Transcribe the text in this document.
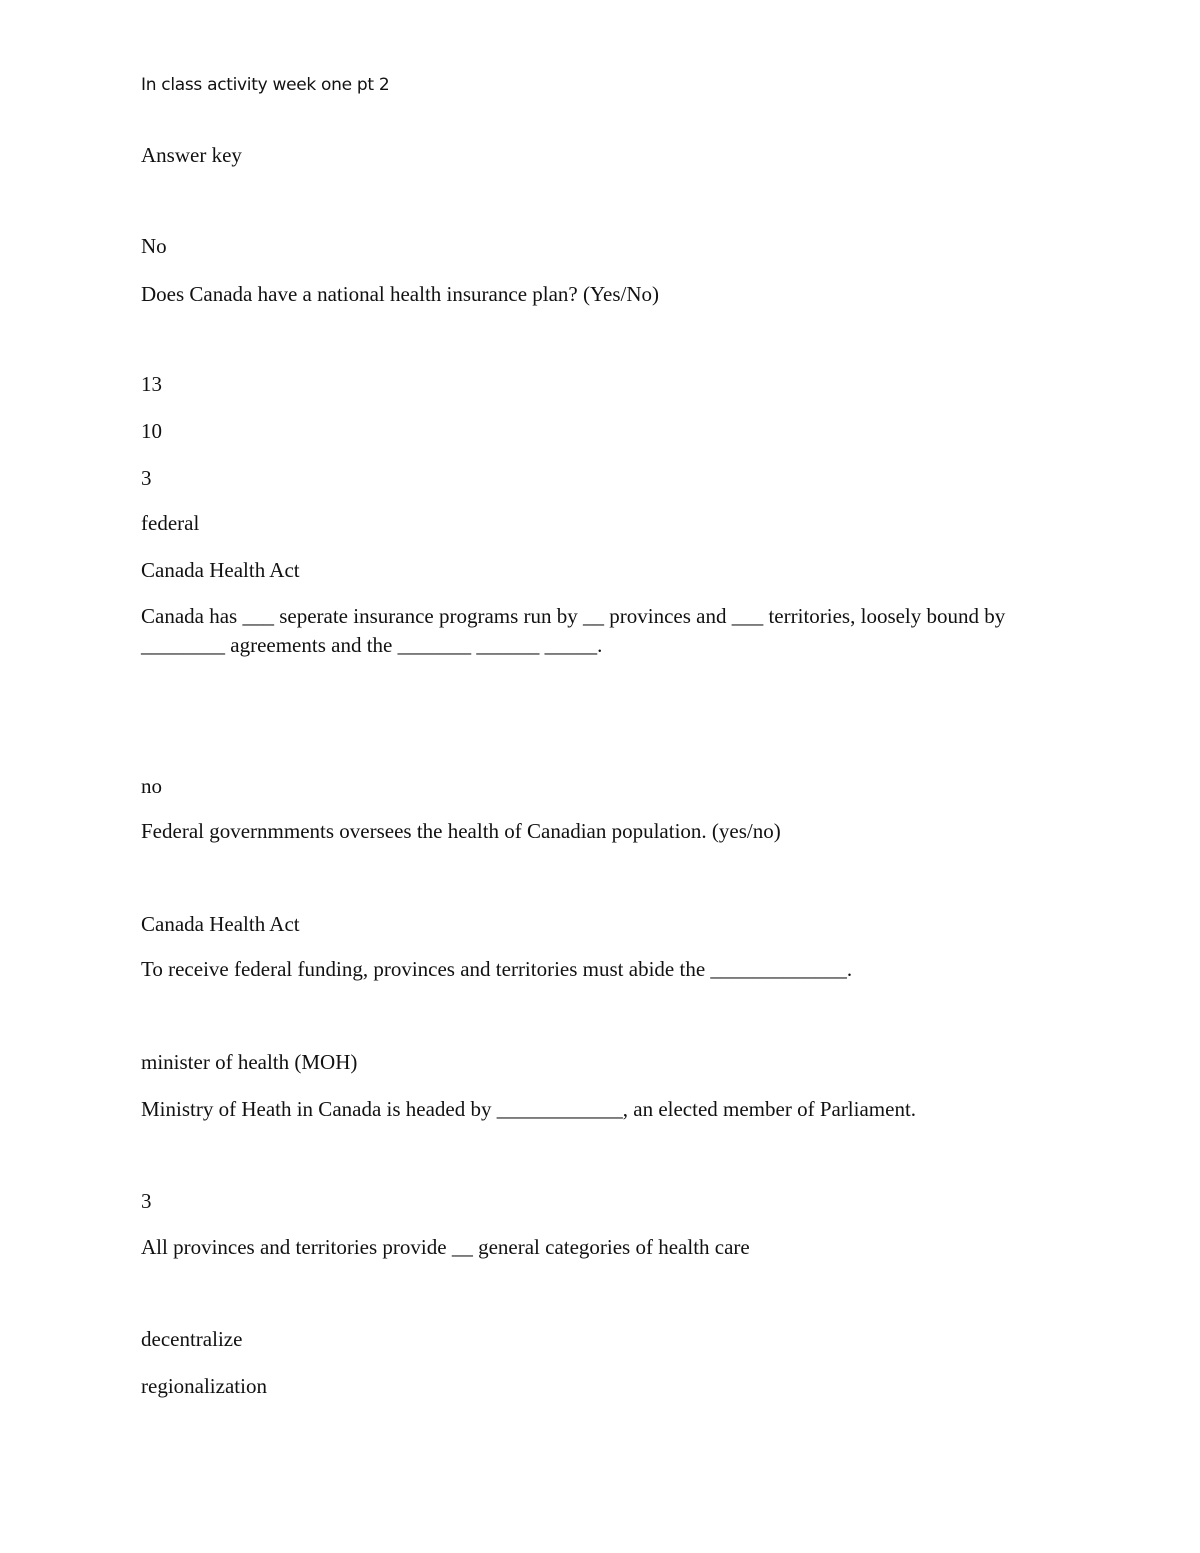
In class activity week one pt 2
Answer key
No
Does Canada have a national health insurance plan? (Yes/No)
13
10
3
federal
Canada Health Act
Canada has ___ seperate insurance programs run by __ provinces and ___ territories, loosely bound by ________ agreements and the _______ ______ _____.
no
Federal governmments oversees the health of Canadian population. (yes/no)
Canada Health Act
To receive federal funding, provinces and territories must abide the _____________.
minister of health (MOH)
Ministry of Heath in Canada is headed by ____________, an elected member of Parliament.
3
All provinces and territories provide __ general categories of health care
decentralize
regionalization
